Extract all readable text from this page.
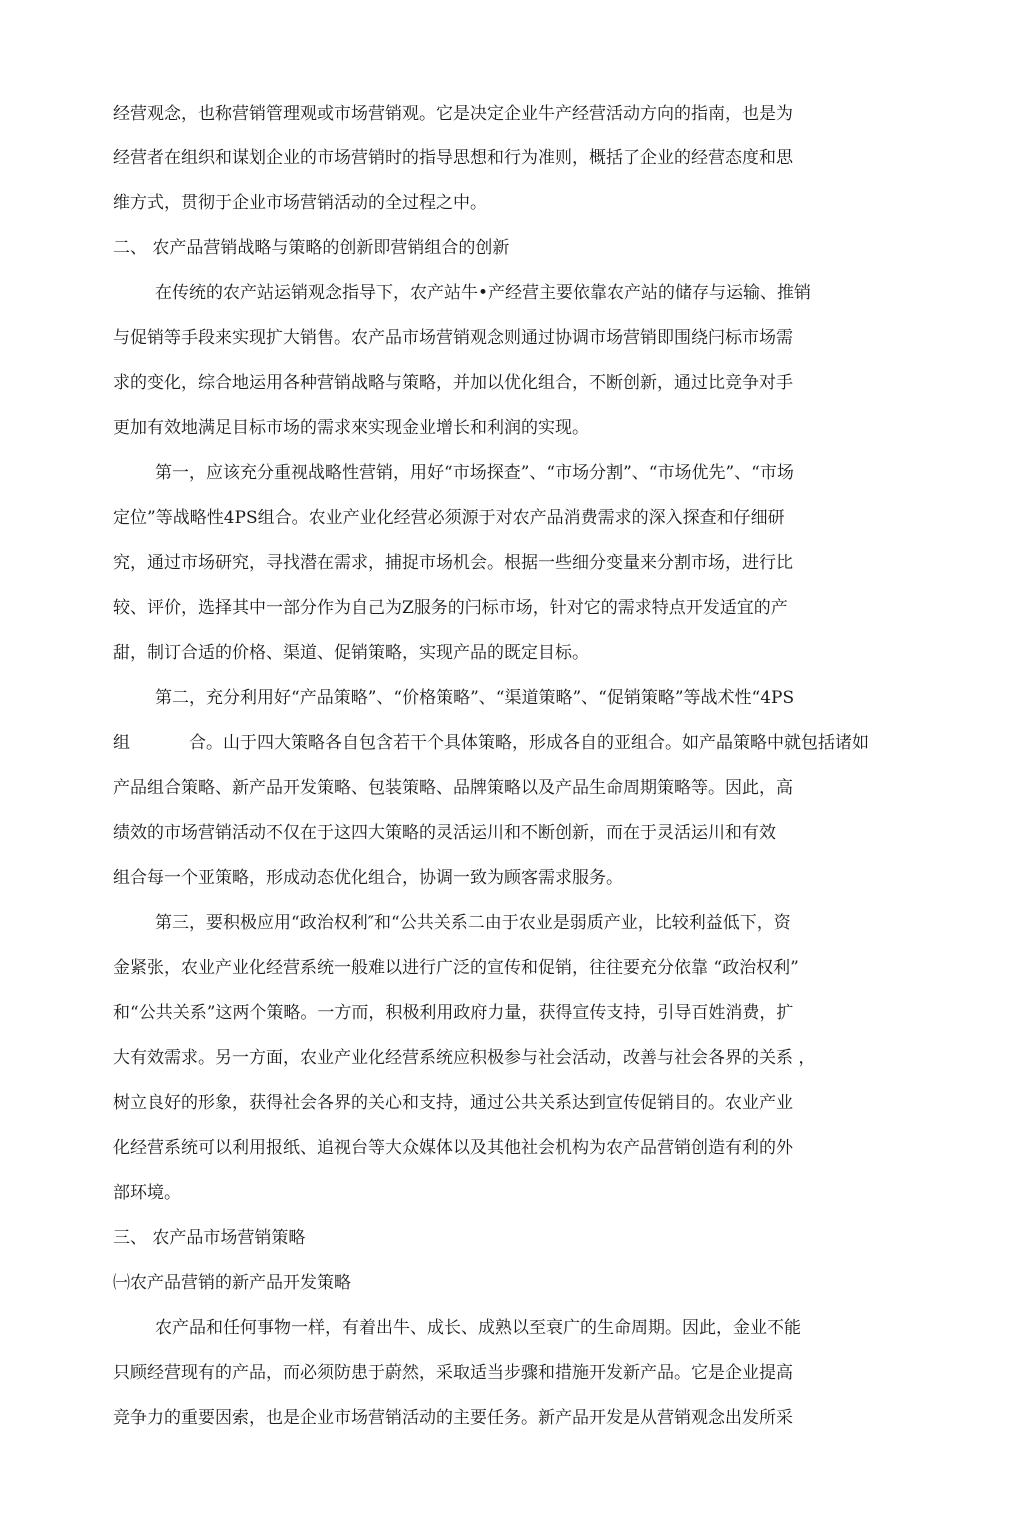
经营观念，也称营销管理观或市场营销观。它是决定企业牛产经营活动方向的指南，也是为
经营者在组织和谋划企业的市场营销时的指导思想和行为准则，概括了企业的经营态度和思
维方式，贯彻于企业市场营销活动的全过程之中。
二、 农产品营销战略与策略的创新即营销组合的创新
在传统的农产站运销观念指导下，农产站牛•产经营主要依靠农产站的储存与运输、推销
与促销等手段来实现扩大销售。农产品市场营销观念则通过协调市场营销即围绕闩标市场需
求的变化，综合地运用各种营销战略与策略，并加以优化组合，不断创新，通过比竞争对手
更加有效地满足目标市场的需求來实现金业增长和利润的实现。
第一，应该充分重视战略性营销，用好“市场探查”、“市场分割”、“市场优先”、“市场
定位”等战略性4PS组合。农业产业化经营必须源于对农产品消费需求的深入探查和仔细研
究，通过市场研究，寻找潜在需求，捕捉市场机会。根据一些细分变量来分割市场，进行比
较、评价，选择其中一部分作为自己为Z服务的闩标市场，针对它的需求特点开发适宜的产
甜，制订合适的价格、渠道、促销策略，实现产品的既定目标。
第二，充分利用好“产品策略”、“价格策略”、“渠道策略”、“促销策略”等战术性“4PS
组	合。山于四大策略各自包含若干个具体策略，形成各自的亚组合。如产晶策略中就包括诸如
产品组合策略、新产品开发策略、包装策略、品牌策略以及产品生命周期策略等。因此，高
绩效的市场营销活动不仅在于这四大策略的灵活运川和不断创新，而在于灵活运川和有效
组合每一个亚策略，形成动态优化组合，协调一致为顾客需求服务。
第三，要积极应用“政治权利″和“公共关系二由于农业是弱质产业，比较利益低下，资
金紧张，农业产业化经营系统一般难以进行广泛的宣传和促销，往往要充分依靠 “政治权利”
和“公共关系”这两个策略。一方而，积极利用政府力量，获得宣传支持，引导百姓消费，扩
大有效需求。另一方面，农业产业化经营系统应积极参与社会活动，改善与社会各界的关系 ，
树立良好的形象，获得社会各界的关心和支持，通过公共关系达到宣传促销目的。农业产业
化经营系统可以利用报纸、追视台等大众媒体以及其他社会机构为农产品营销创造有利的外
部环境。
三、 农产品市场营销策略
㈠农产品营销的新产品开发策略
农产品和任何事物一样，有着出牛、成长、成熟以至衰广的生命周期。因此，金业不能
只顾经营现有的产品，而必须防患于蔚然，采取适当步骤和措施开发新产品。它是企业提高
竞争力的重要因索，也是企业市场营销活动的主要任务。新产品开发是从营销观念出发所采
